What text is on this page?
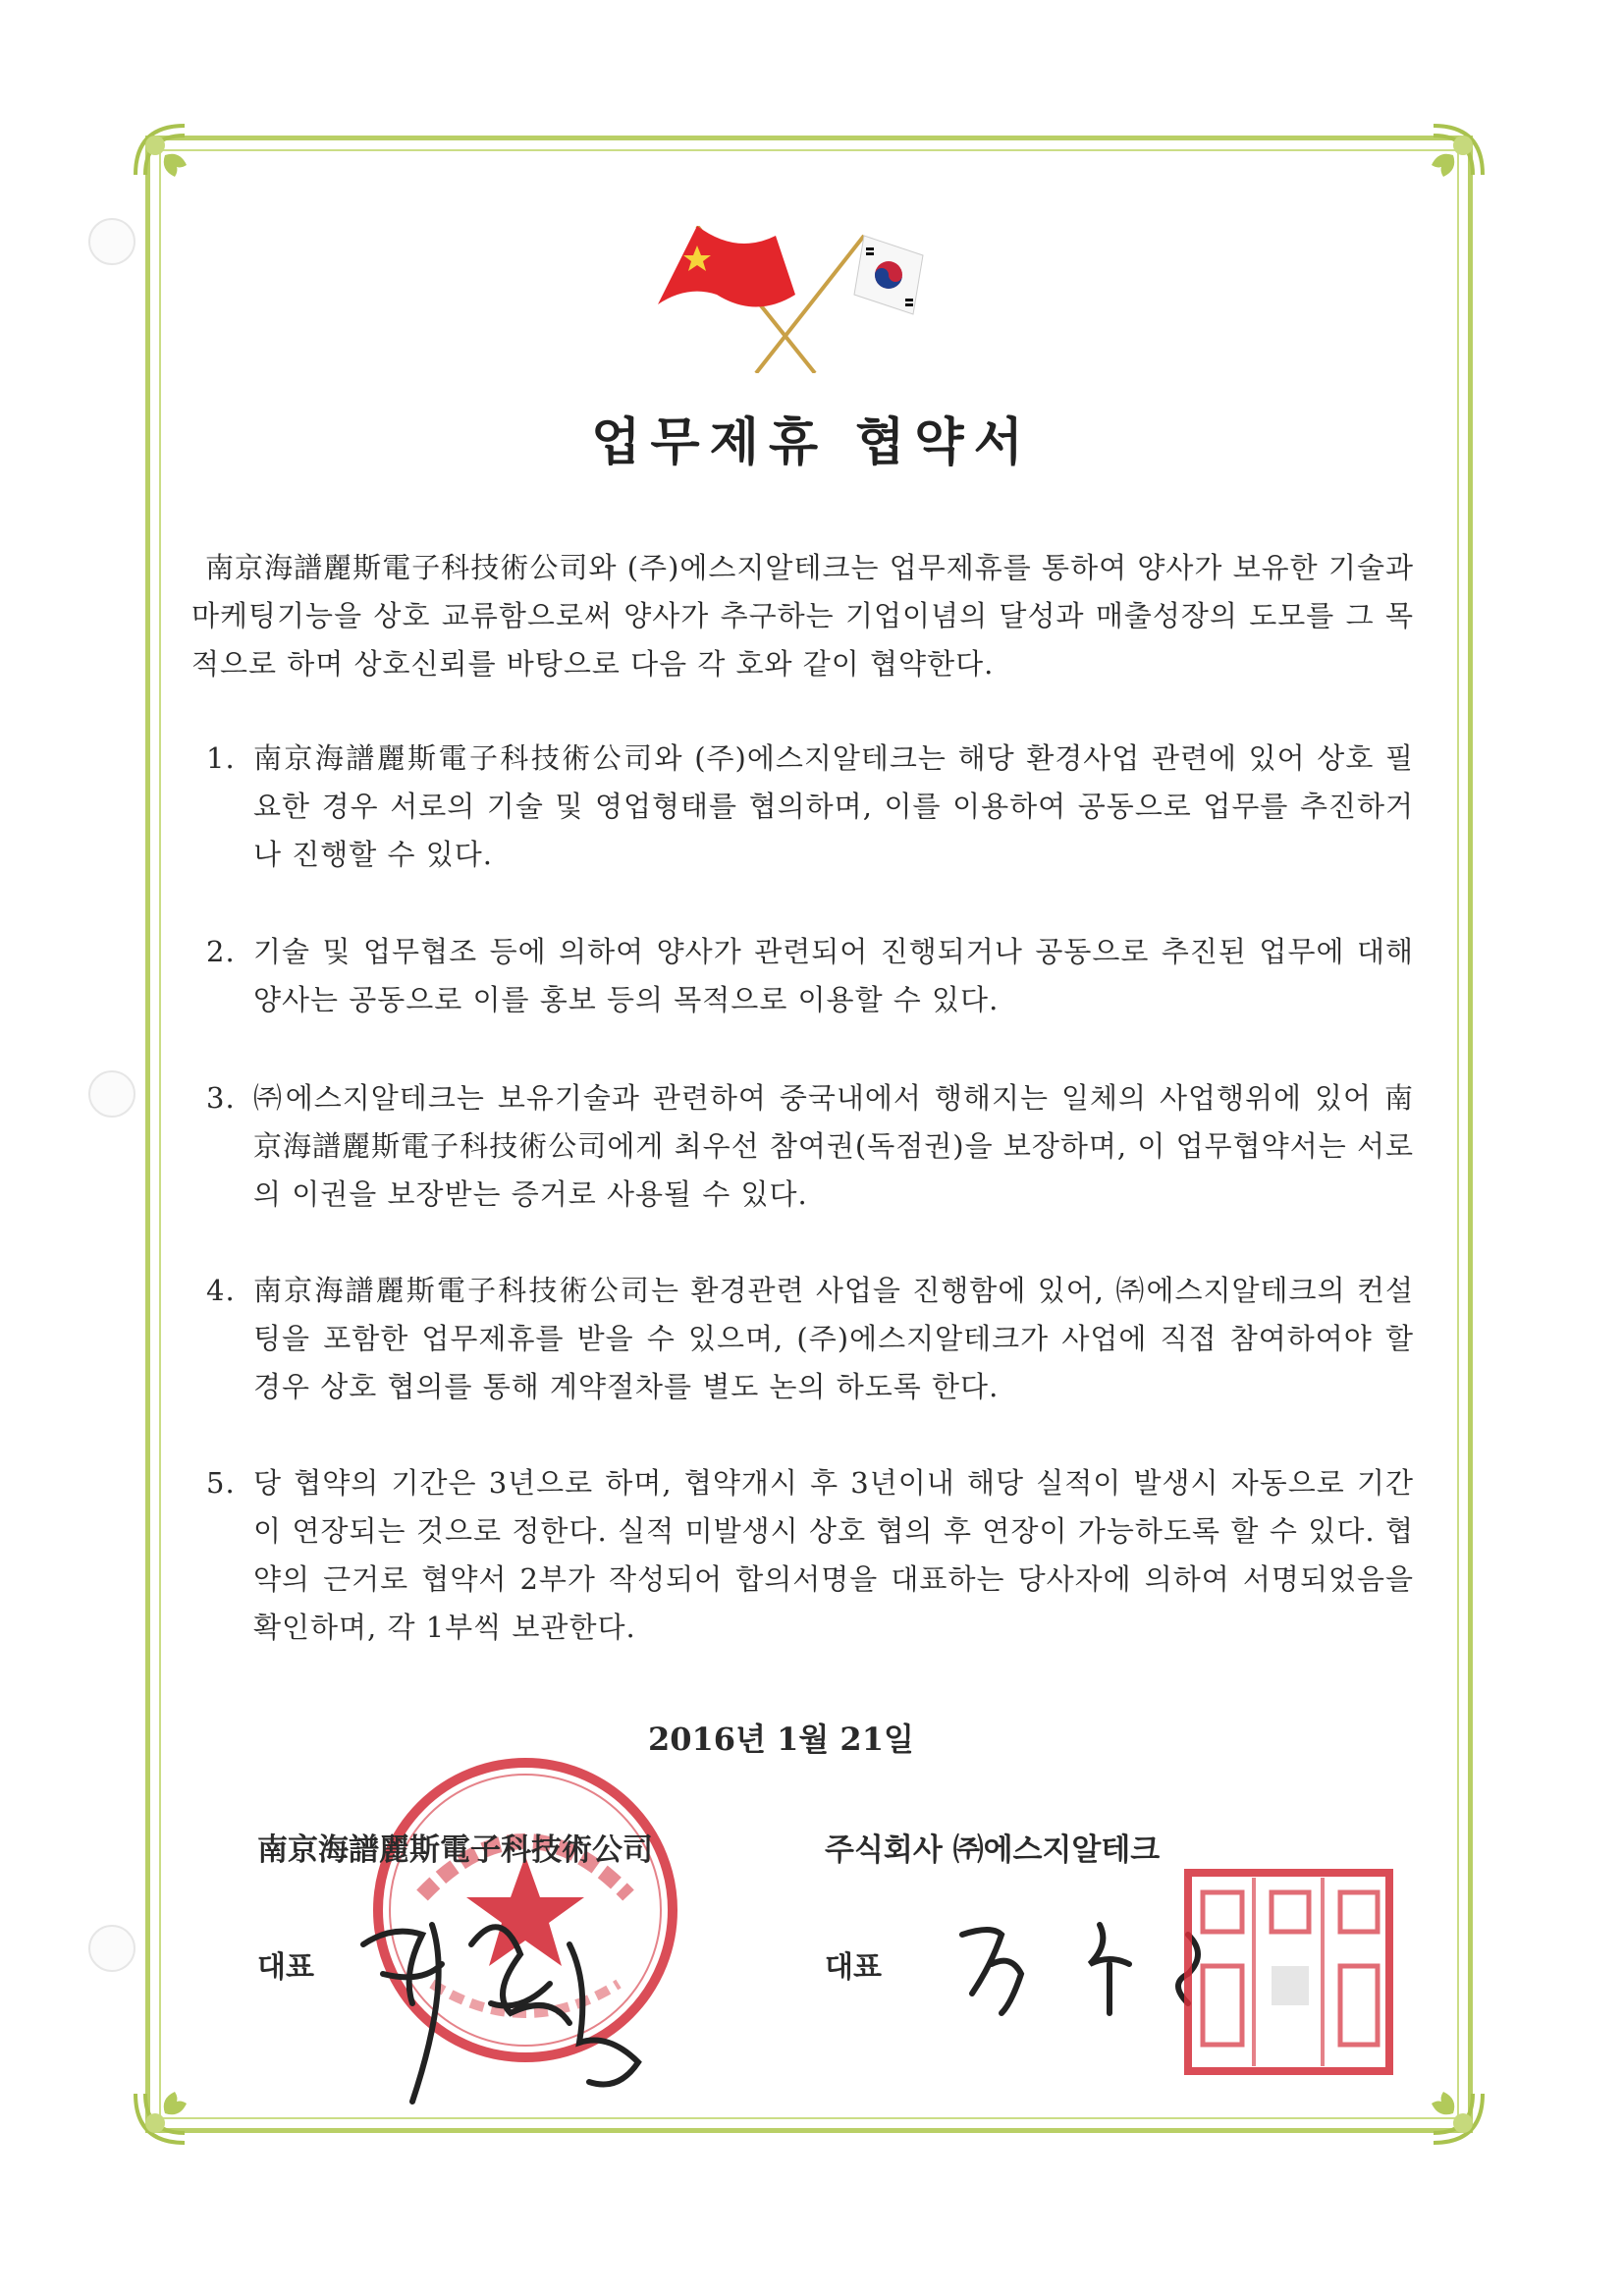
업무제휴 협약서
南京海譜麗斯電子科技術公司와 (주)에스지알테크는 업무제휴를 통하여 양사가 보유한 기술과 마케팅기능을 상호 교류함으로써 양사가 추구하는 기업이념의 달성과 매출성장의 도모를 그 목적으로 하며 상호신뢰를 바탕으로 다음 각 호와 같이 협약한다.
1. 南京海譜麗斯電子科技術公司와 (주)에스지알테크는 해당 환경사업 관련에 있어 상호 필요한 경우 서로의 기술 및 영업형태를 협의하며, 이를 이용하여 공동으로 업무를 추진하거나 진행할 수 있다.
2. 기술 및 업무협조 등에 의하여 양사가 관련되어 진행되거나 공동으로 추진된 업무에 대해 양사는 공동으로 이를 홍보 등의 목적으로 이용할 수 있다.
3. ㈜에스지알테크는 보유기술과 관련하여 중국내에서 행해지는 일체의 사업행위에 있어 南京海譜麗斯電子科技術公司에게 최우선 참여권(독점권)을 보장하며, 이 업무협약서는 서로의 이권을 보장받는 증거로 사용될 수 있다.
4. 南京海譜麗斯電子科技術公司는 환경관련 사업을 진행함에 있어, ㈜에스지알테크의 컨설팅을 포함한 업무제휴를 받을 수 있으며, (주)에스지알테크가 사업에 직접 참여하여야 할 경우 상호 협의를 통해 계약절차를 별도 논의 하도록 한다.
5. 당 협약의 기간은 3년으로 하며, 협약개시 후 3년이내 해당 실적이 발생시 자동으로 기간이 연장되는 것으로 정한다. 실적 미발생시 상호 협의 후 연장이 가능하도록 할 수 있다. 협약의 근거로 협약서 2부가 작성되어 합의서명을 대표하는 당사자에 의하여 서명되었음을 확인하며, 각 1부씩 보관한다.
2016년 1월 21일
南京海譜麗斯電子科技術公司
대표
주식회사 ㈜에스지알테크
대표
